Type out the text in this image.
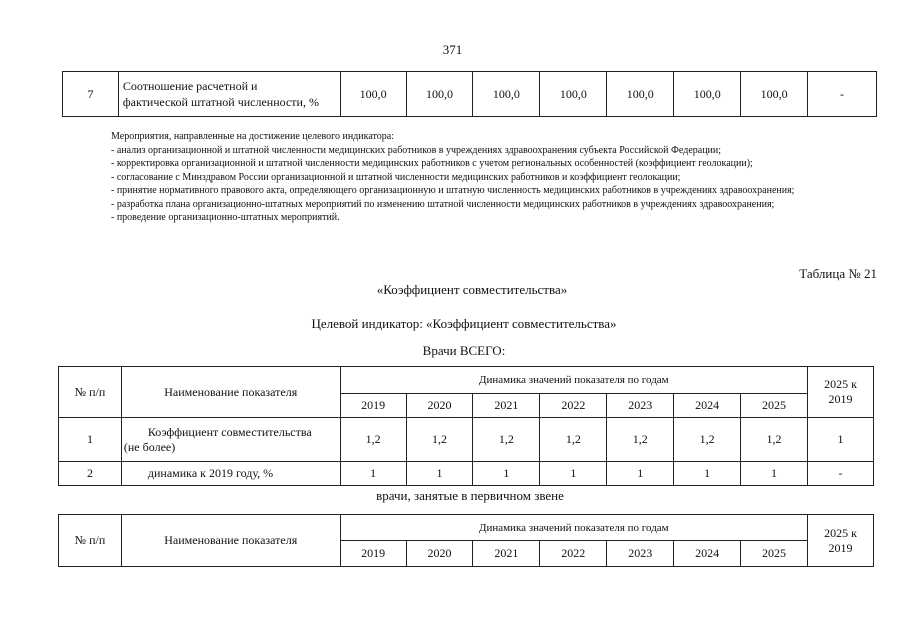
371
7	Соотношение расчетной и
фактической штатной численности, %	100,0	100,0	100,0	100,0	100,0	100,0	100,0	-

Мероприятия, направленные на достижение целевого индикатора:

- анализ организационной и штатной численности медицинских работников в учреждениях здравоохранения субъекта Российской Федерации;

- корректировка организационной и штатной численности медицинских работников с учетом региональных особенностей (коэффициент геолокации);

- согласование с Минздравом России организационной и штатной численности медицинских работников и коэффициент геолокации;

- принятие нормативного правового акта, определяющего организационную и штатную численность медицинских работников в учреждениях здравоохранения;

- разработка плана организационно-штатных мероприятий по изменению штатной численности медицинских работников в учреждениях здравоохранения;

- проведение организационно-штатных мероприятий.

Таблица № 21
«Коэффициент совместительства»
Целевой индикатор: «Коэффициент совместительства»
Врачи ВСЕГО:
№ п/п	Наименование показателя	Динамика значений показателя по годам							2025 к
2019
		2019	2020	2021	2022	2023	2024	2025	
1	Коэффициент совместительства
(не более)	1,2	1,2	1,2	1,2	1,2	1,2	1,2	1
2	динамика к 2019 году, %	1	1	1	1	1	1	1	-
врачи, занятые в первичном звене
№ п/п	Наименование показателя	Динамика значений показателя по годам							2025 к
2019
		2019	2020	2021	2022	2023	2024	2025	
